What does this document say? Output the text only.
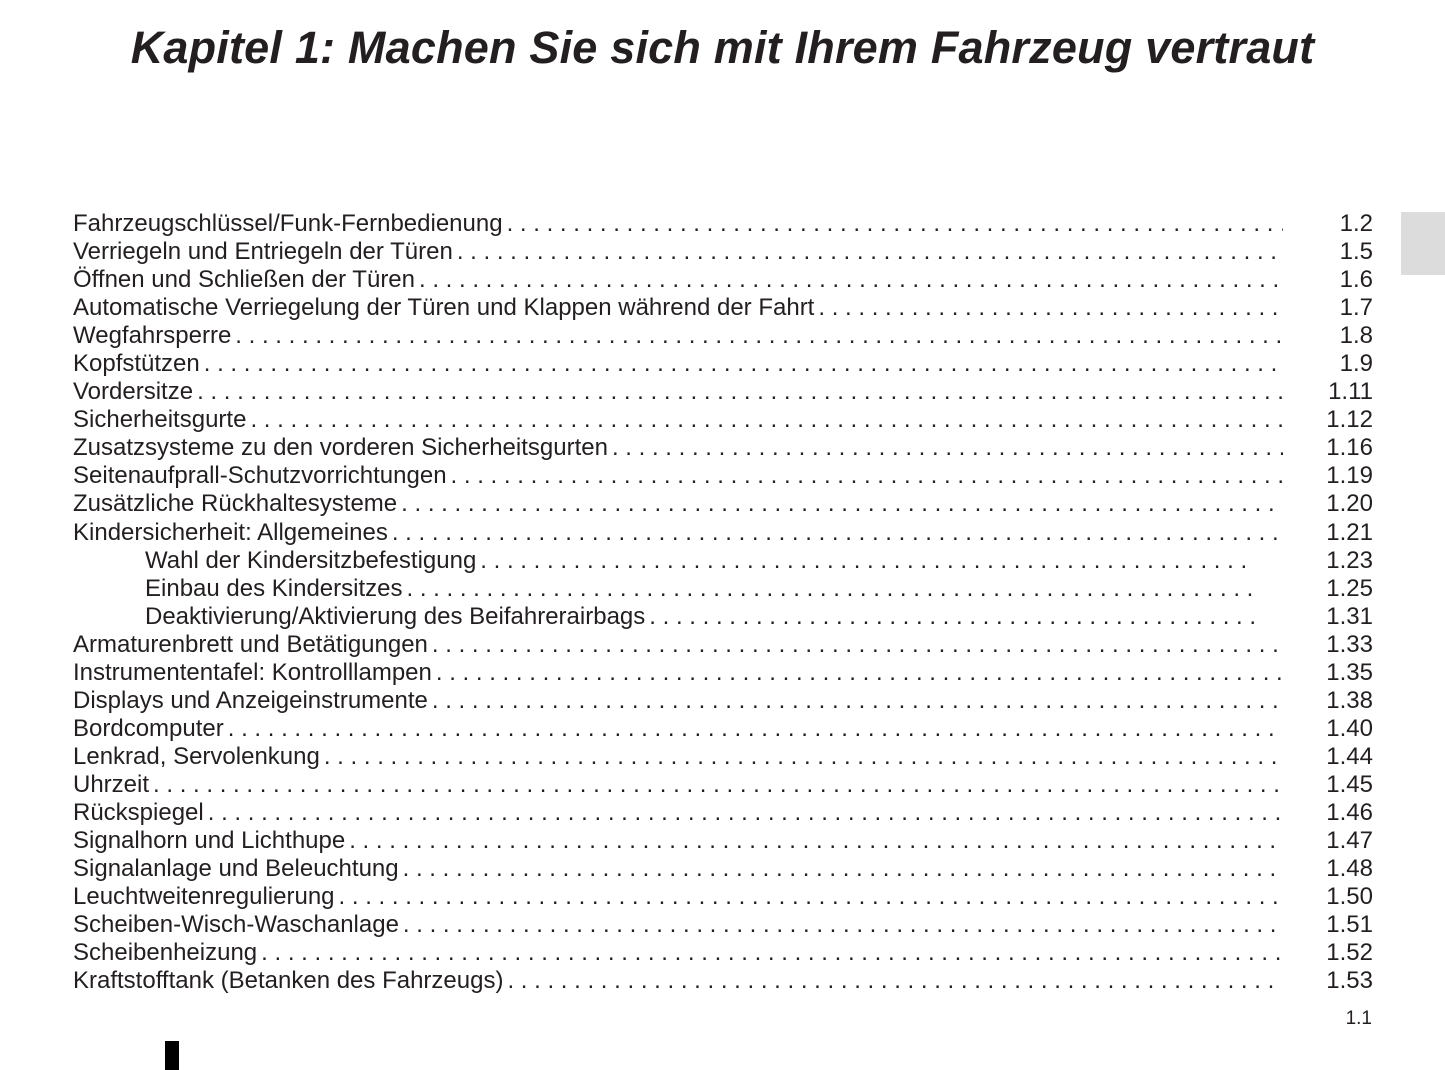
Kapitel 1: Machen Sie sich mit Ihrem Fahrzeug vertraut
Fahrzeugschlüssel/Funk-Fernbedienung . . .	1.2
Verriegeln und Entriegeln der Türen . . .	1.5
Öffnen und Schließen der Türen . . .	1.6
Automatische Verriegelung der Türen und Klappen während der Fahrt . . .	1.7
Wegfahrsperre . . .	1.8
Kopfstützen . . .	1.9
Vordersitze . . .	1.11
Sicherheitsgurte . . .	1.12
Zusatzsysteme zu den vorderen Sicherheitsgurten . . .	1.16
Seitenaufprall-Schutzvorrichtungen . . .	1.19
Zusätzliche Rückhaltesysteme . . .	1.20
Kindersicherheit: Allgemeines . . .	1.21
Wahl der Kindersitzbefestigung . . .	1.23
Einbau des Kindersitzes . . .	1.25
Deaktivierung/Aktivierung des Beifahrerairbags . . .	1.31
Armaturenbrett und Betätigungen . . .	1.33
Instrumententafel: Kontrolllampen . . .	1.35
Displays und Anzeigeinstrumente . . .	1.38
Bordcomputer . . .	1.40
Lenkrad, Servolenkung . . .	1.44
Uhrzeit . . .	1.45
Rückspiegel . . .	1.46
Signalhorn und Lichthupe . . .	1.47
Signalanlage und Beleuchtung . . .	1.48
Leuchtweitenregulierung . . .	1.50
Scheiben-Wisch-Waschanlage . . .	1.51
Scheibenheizung . . .	1.52
Kraftstofftank (Betanken des Fahrzeugs) . . .	1.53
1.1
